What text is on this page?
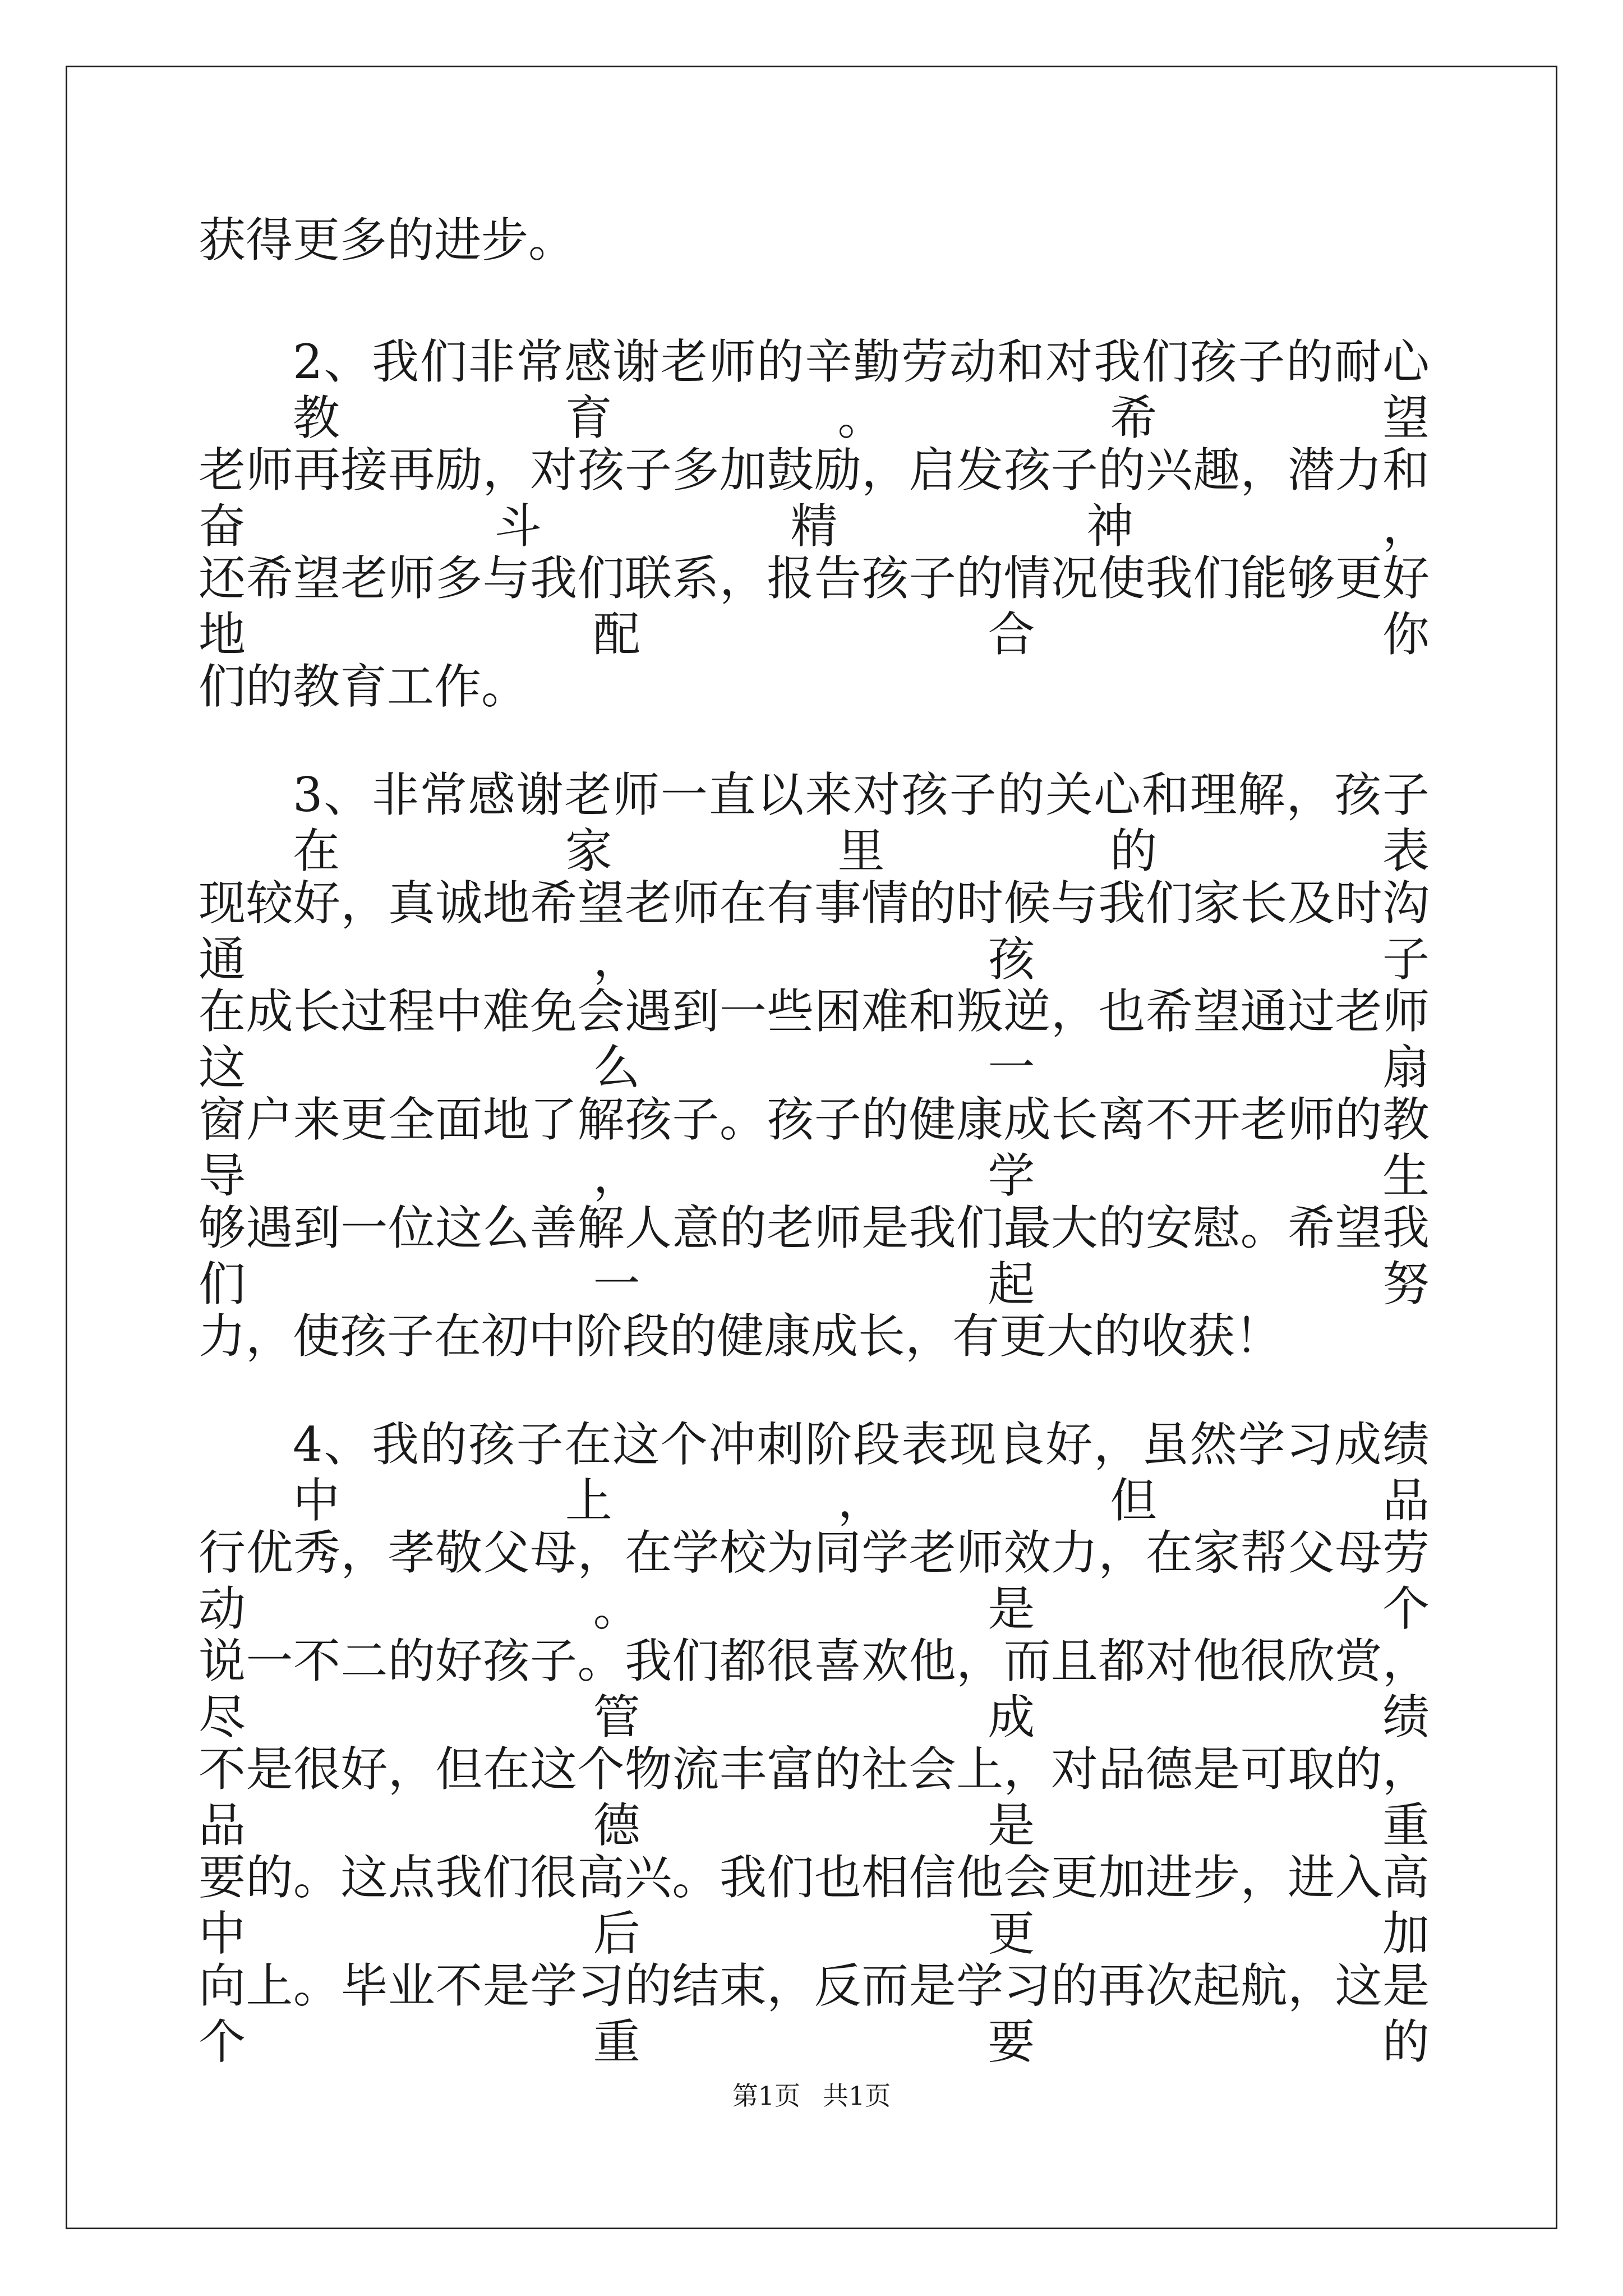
获得更多的进步。
2、我们非常感谢老师的辛勤劳动和对我们孩子的耐心教育。希望
老师再接再励，对孩子多加鼓励，启发孩子的兴趣，潜力和奋斗精神，
还希望老师多与我们联系，报告孩子的情况使我们能够更好地配合你
们的教育工作。
3、非常感谢老师一直以来对孩子的关心和理解，孩子在家里的表
现较好，真诚地希望老师在有事情的时候与我们家长及时沟通，孩子
在成长过程中难免会遇到一些困难和叛逆，也希望通过老师这么一扇
窗户来更全面地了解孩子。孩子的健康成长离不开老师的教导，学生
够遇到一位这么善解人意的老师是我们最大的安慰。希望我们一起努
力，使孩子在初中阶段的健康成长，有更大的收获！
4、我的孩子在这个冲刺阶段表现良好，虽然学习成绩中上，但品
行优秀，孝敬父母，在学校为同学老师效力，在家帮父母劳动。是个
说一不二的好孩子。我们都很喜欢他，而且都对他很欣赏，尽管成绩
不是很好，但在这个物流丰富的社会上，对品德是可取的，品德是重
要的。这点我们很高兴。我们也相信他会更加进步，进入高中后更加
向上。毕业不是学习的结束，反而是学习的再次起航，这是个重要的
第1页 共1页
